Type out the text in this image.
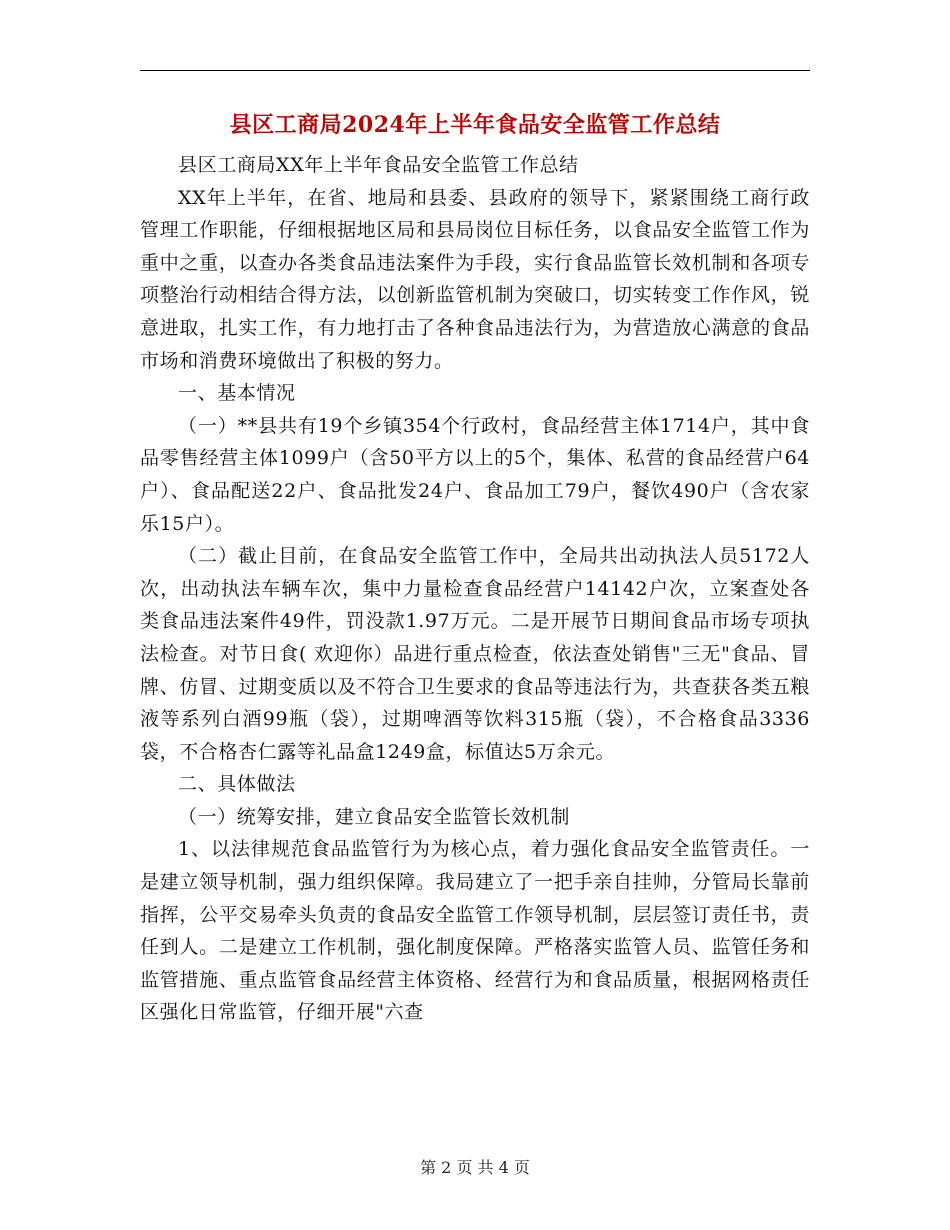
县区工商局2024年上半年食品安全监管工作总结

县区工商局XX年上半年食品安全监管工作总结

XX年上半年，在省、地局和县委、县政府的领导下，紧紧围绕工商行政管理工作职能，仔细根据地区局和县局岗位目标任务，以食品安全监管工作为重中之重，以查办各类食品违法案件为手段，实行食品监管长效机制和各项专项整治行动相结合得方法，以创新监管机制为突破口，切实转变工作作风，锐意进取，扎实工作，有力地打击了各种食品违法行为，为营造放心满意的食品市场和消费环境做出了积极的努力。

一、基本情况

（一）**县共有19个乡镇354个行政村，食品经营主体1714户，其中食品零售经营主体1099户（含50平方以上的5个，集体、私营的食品经营户64户）、食品配送22户、食品批发24户、食品加工79户，餐饮490户（含农家乐15户）。

（二）截止目前，在食品安全监管工作中，全局共出动执法人员5172人次，出动执法车辆车次，集中力量检查食品经营户14142户次，立案查处各类食品违法案件49件，罚没款1.97万元。二是开展节日期间食品市场专项执法检查。对节日食( 欢迎你）品进行重点检查，依法查处销售"三无"食品、冒牌、仿冒、过期变质以及不符合卫生要求的食品等违法行为，共查获各类五粮液等系列白酒99瓶（袋），过期啤酒等饮料315瓶（袋），不合格食品3336袋，不合格杏仁露等礼品盒1249盒，标值达5万余元。

二、具体做法

（一）统筹安排，建立食品安全监管长效机制

1、以法律规范食品监管行为为核心点，着力强化食品安全监管责任。一是建立领导机制，强力组织保障。我局建立了一把手亲自挂帅，分管局长靠前指挥，公平交易牵头负责的食品安全监管工作领导机制，层层签订责任书，责任到人。二是建立工作机制，强化制度保障。严格落实监管人员、监管任务和监管措施、重点监管食品经营主体资格、经营行为和食品质量，根据网格责任区强化日常监管，仔细开展"六查

第 2 页 共 4 页
